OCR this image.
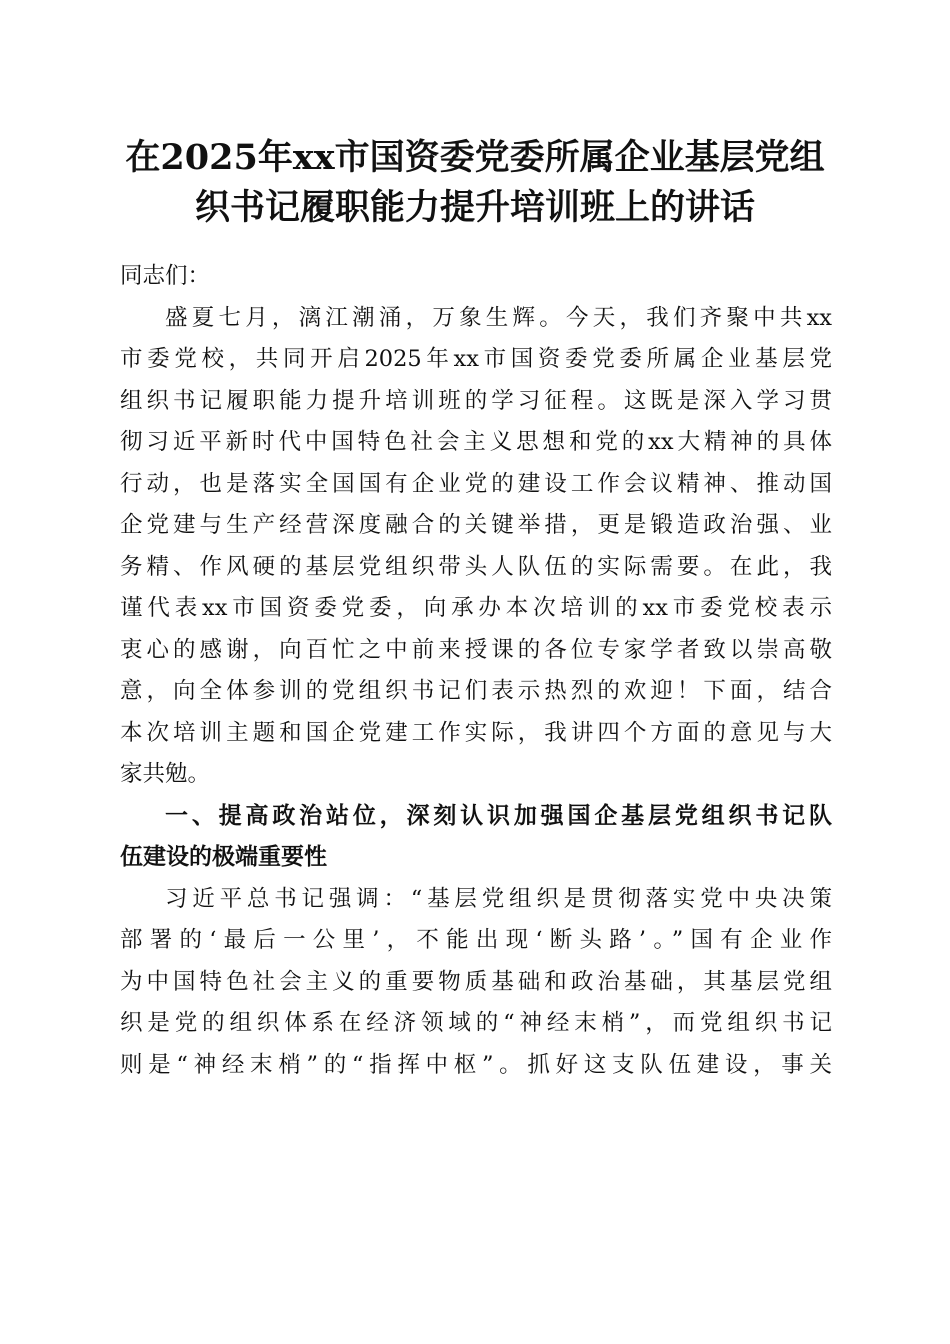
在2025年xx市国资委党委所属企业基层党组
织书记履职能力提升培训班上的讲话
同志们：
盛夏七月，漓江潮涌，万象生辉。今天，我们齐聚中共xx
市委党校，共同开启2025年xx市国资委党委所属企业基层党
组织书记履职能力提升培训班的学习征程。这既是深入学习贯
彻习近平新时代中国特色社会主义思想和党的xx大精神的具体
行动，也是落实全国国有企业党的建设工作会议精神、推动国
企党建与生产经营深度融合的关键举措，更是锻造政治强、业
务精、作风硬的基层党组织带头人队伍的实际需要。在此，我
谨代表xx市国资委党委，向承办本次培训的xx市委党校表示
衷心的感谢，向百忙之中前来授课的各位专家学者致以崇高敬
意，向全体参训的党组织书记们表示热烈的欢迎！下面，结合
本次培训主题和国企党建工作实际，我讲四个方面的意见与大
家共勉。
一、提高政治站位，深刻认识加强国企基层党组织书记队
伍建设的极端重要性
习近平总书记强调：“基层党组织是贯彻落实党中央决策
部署的‘最后一公里’，不能出现‘断头路’。”国有企业作
为中国特色社会主义的重要物质基础和政治基础，其基层党组
织是党的组织体系在经济领域的“神经末梢”，而党组织书记
则是“神经末梢”的“指挥中枢”。抓好这支队伍建设，事关
